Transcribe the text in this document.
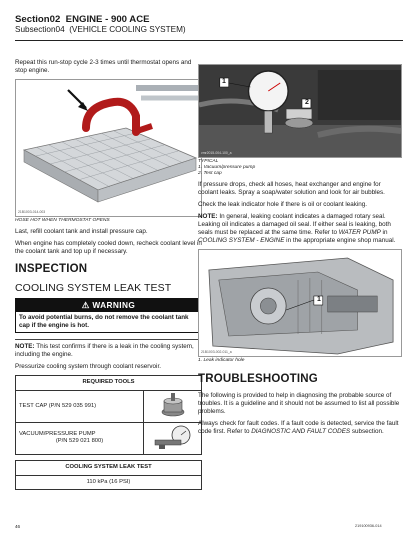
Section02 ENGINE - 900 ACE
Subsection04 (VEHICLE COOLING SYSTEM)

Repeat this run-stop cycle 2-3 times until thermostat opens and stop engine.

21B1003-014-003
HOSE HOT WHEN THERMOSTAT OPENS

Last, refill coolant tank and install pressure cap.

When engine has completely cooled down, recheck coolant level in the coolant tank and top up if necessary.

INSPECTION
COOLING SYSTEM LEAK TEST
⚠ WARNING
To avoid potential burns, do not remove the coolant tank cap if the engine is hot.

NOTE: This test confirms if there is a leak in the cooling system, including the engine.

Pressurize cooling system through coolant reservoir.

REQUIRED TOOLS	
TEST CAP (P/N 529 035 991)	
VACUUM/PRESSURE PUMP
(P/N 529 021 800)

COOLING SYSTEM LEAK TEST
110 kPa (16 PSI)
1
2
vmr2015-004-100_a
TYPICAL
1. Vacuum/pressure pump
2. Test cap

If pressure drops, check all hoses, heat exchanger and engine for coolant leaks. Spray a soap/water solution and look for air bubbles.

Check the leak indicator hole if there is oil or coolant leaking.

NOTE: In general, leaking coolant indicates a damaged rotary seal. Leaking oil indicates a damaged oil seal. If either seal is leaking, both seals must be replaced at the same time. Refer to WATER PUMP in COOLING SYSTEM - ENGINE in the appropriate engine shop manual.

1
21B1003-002-011_a
1. Leak indicator hole
TROUBLESHOOTING

The following is provided to help in diagnosing the probable source of troubles. It is a guideline and it should not be assumed to list all possible problems.

Always check for fault codes. If a fault code is detected, service the fault code first. Refer to DIAGNOSTIC AND FAULT CODES subsection.

46	219100936-014
